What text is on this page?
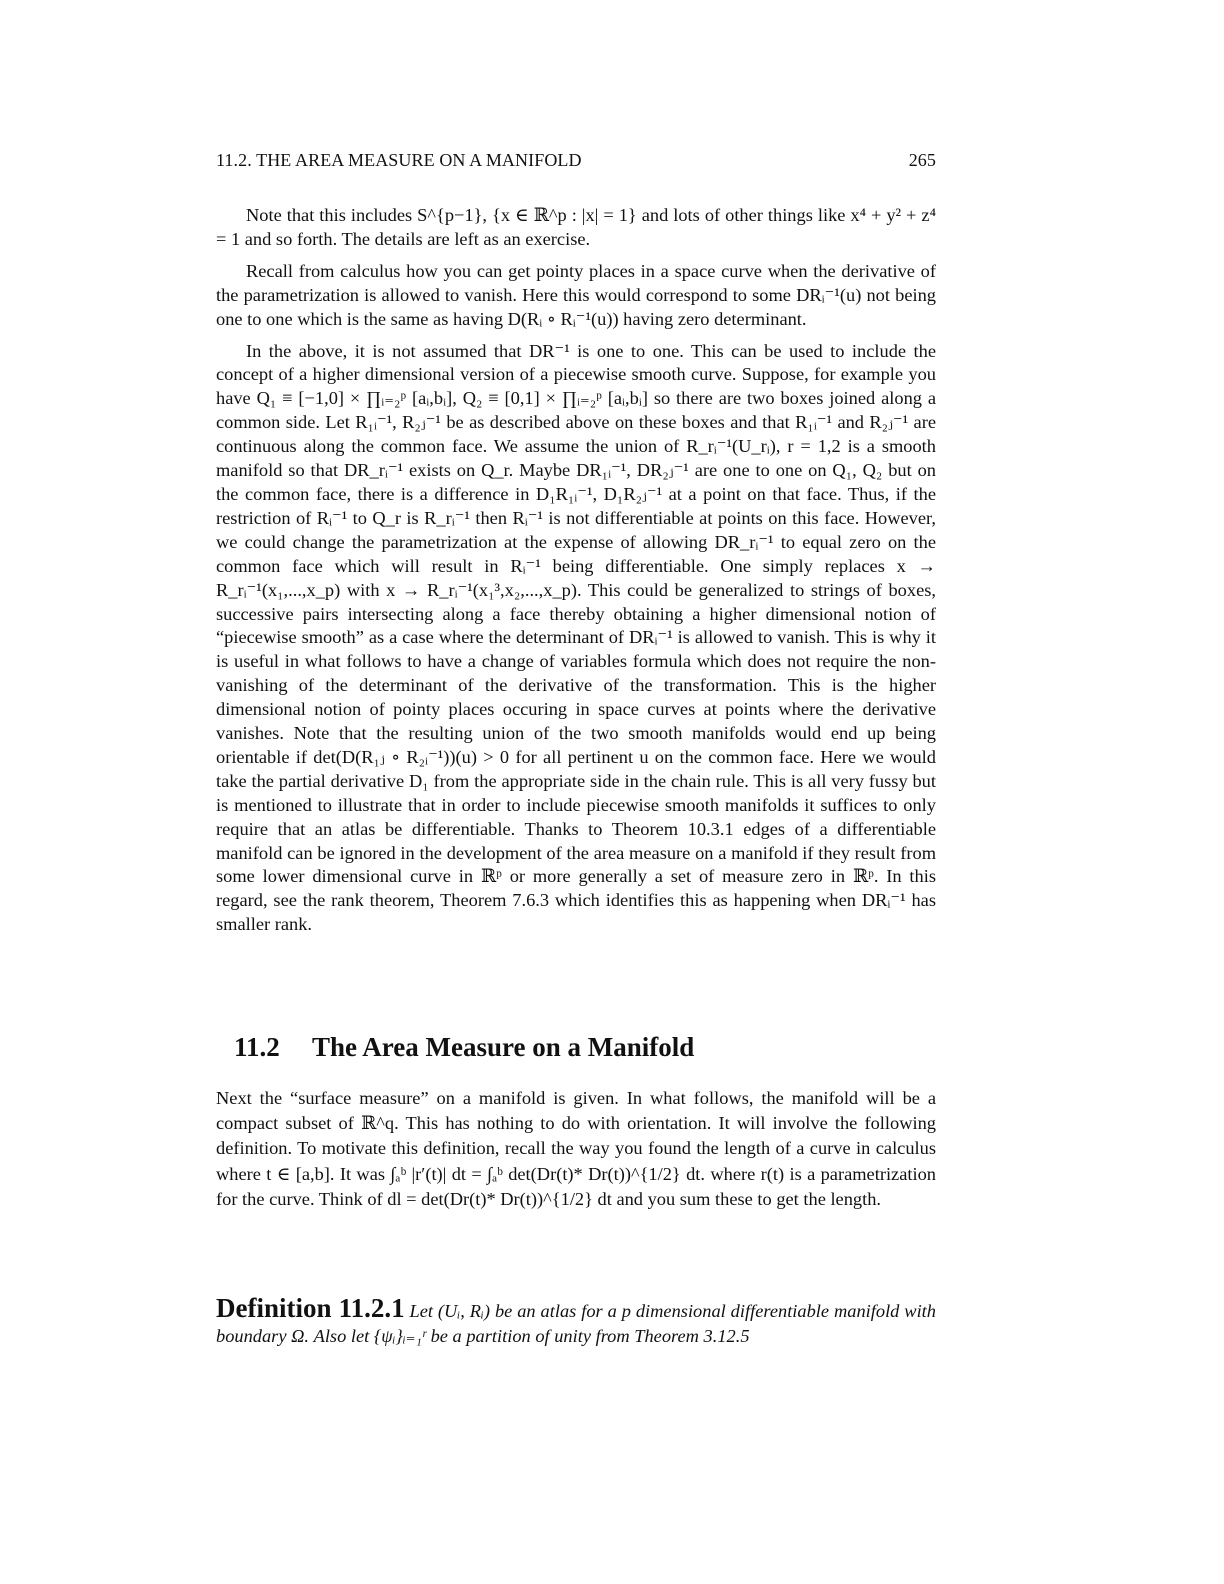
11.2. THE AREA MEASURE ON A MANIFOLD	265

Note that this includes S^{p−1}, {x ∈ ℝ^p : |x| = 1} and lots of other things like x⁴ + y² + z⁴ = 1 and so forth. The details are left as an exercise.

Recall from calculus how you can get pointy places in a space curve when the derivative of the parametrization is allowed to vanish. Here this would correspond to some DRᵢ⁻¹(u) not being one to one which is the same as having D(Rᵢ ∘ Rᵢ⁻¹(u)) having zero determinant.

In the above, it is not assumed that DR⁻¹ is one to one. This can be used to include the concept of a higher dimensional version of a piecewise smooth curve. Suppose, for example you have Q₁ ≡ [−1,0] × ∏ᵢ₌₂ᵖ [aᵢ,bᵢ], Q₂ ≡ [0,1] × ∏ᵢ₌₂ᵖ [aᵢ,bᵢ] so there are two boxes joined along a common side. Let R₁ᵢ⁻¹, R₂ⱼ⁻¹ be as described above on these boxes and that R₁ᵢ⁻¹ and R₂ⱼ⁻¹ are continuous along the common face. We assume the union of R_rᵢ⁻¹(U_rᵢ), r = 1,2 is a smooth manifold so that DR_rᵢ⁻¹ exists on Q_r. Maybe DR₁ᵢ⁻¹, DR₂ⱼ⁻¹ are one to one on Q₁, Q₂ but on the common face, there is a difference in D₁R₁ᵢ⁻¹, D₁R₂ⱼ⁻¹ at a point on that face. Thus, if the restriction of Rᵢ⁻¹ to Q_r is R_rᵢ⁻¹ then Rᵢ⁻¹ is not differentiable at points on this face. However, we could change the parametrization at the expense of allowing DR_rᵢ⁻¹ to equal zero on the common face which will result in Rᵢ⁻¹ being differentiable. One simply replaces x → R_rᵢ⁻¹(x₁,...,x_p) with x → R_rᵢ⁻¹(x₁³,x₂,...,x_p). This could be generalized to strings of boxes, successive pairs intersecting along a face thereby obtaining a higher dimensional notion of “piecewise smooth” as a case where the determinant of DRᵢ⁻¹ is allowed to vanish. This is why it is useful in what follows to have a change of variables formula which does not require the non-vanishing of the determinant of the derivative of the transformation. This is the higher dimensional notion of pointy places occuring in space curves at points where the derivative vanishes. Note that the resulting union of the two smooth manifolds would end up being orientable if det(D(R₁ⱼ ∘ R₂ᵢ⁻¹))(u) > 0 for all pertinent u on the common face. Here we would take the partial derivative D₁ from the appropriate side in the chain rule. This is all very fussy but is mentioned to illustrate that in order to include piecewise smooth manifolds it suffices to only require that an atlas be differentiable. Thanks to Theorem 10.3.1 edges of a differentiable manifold can be ignored in the development of the area measure on a manifold if they result from some lower dimensional curve in ℝᵖ or more generally a set of measure zero in ℝᵖ. In this regard, see the rank theorem, Theorem 7.6.3 which identifies this as happening when DRᵢ⁻¹ has smaller rank.

11.2 The Area Measure on a Manifold

Next the “surface measure” on a manifold is given. In what follows, the manifold will be a compact subset of ℝ^q. This has nothing to do with orientation. It will involve the following definition. To motivate this definition, recall the way you found the length of a curve in calculus where t ∈ [a,b]. It was ∫ₐᵇ |r′(t)| dt = ∫ₐᵇ det(Dr(t)* Dr(t))^{1/2} dt. where r(t) is a parametrization for the curve. Think of dl = det(Dr(t)* Dr(t))^{1/2} dt and you sum these to get the length.

Definition 11.2.1 Let (Uᵢ, Rᵢ) be an atlas for a p dimensional differentiable manifold with boundary Ω. Also let {ψᵢ}ᵢ₌₁ʳ be a partition of unity from Theorem 3.12.5
